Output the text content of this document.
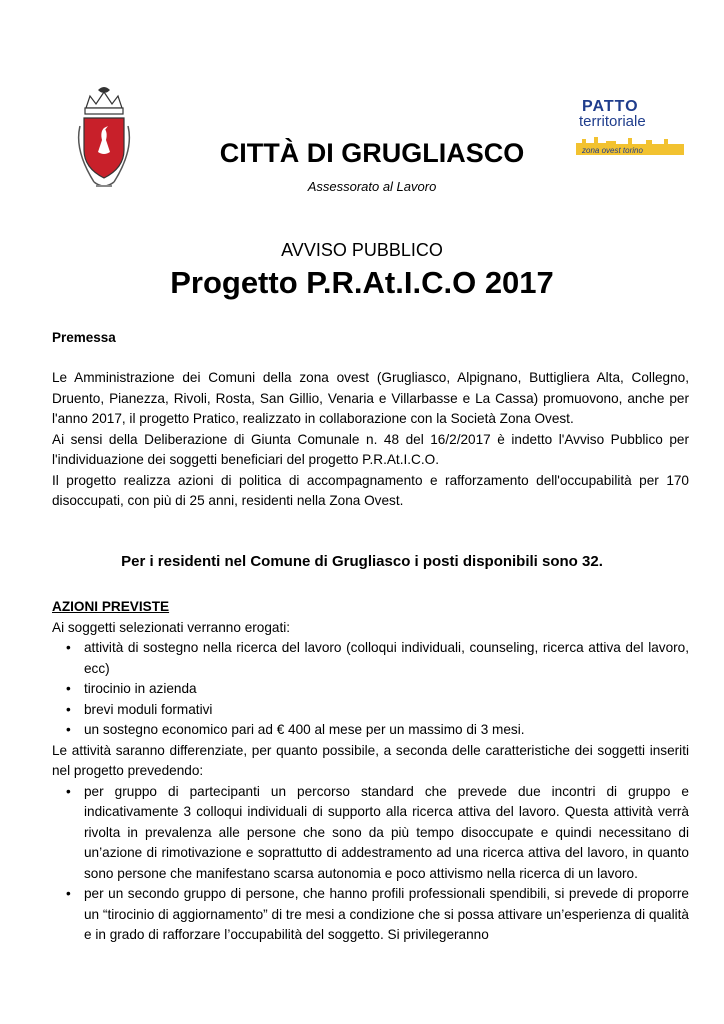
PATTO
territoriale
zona ovest torino
CITTÀ DI GRUGLIASCO
Assessorato al Lavoro
AVVISO PUBBLICO
Progetto P.R.At.I.C.O 2017
Premessa

Le Amministrazione dei Comuni della zona ovest (Grugliasco, Alpignano, Buttigliera Alta, Collegno, Druento, Pianezza, Rivoli, Rosta, San Gillio, Venaria e Villarbasse e La Cassa) promuovono, anche per l'anno 2017, il progetto Pratico, realizzato in collaborazione con la Società Zona Ovest.

Ai sensi della Deliberazione di Giunta Comunale n. 48 del 16/2/2017 è indetto l'Avviso Pubblico per l'individuazione dei soggetti beneficiari del progetto P.R.At.I.C.O.

Il progetto realizza azioni di politica di accompagnamento e rafforzamento dell'occupabilità per 170 disoccupati, con più di 25 anni, residenti nella Zona Ovest.

Per i residenti nel Comune di Grugliasco i posti disponibili sono 32.
AZIONI PREVISTE
Ai soggetti selezionati verranno erogati:
• attività di sostegno nella ricerca del lavoro (colloqui individuali, counseling, ricerca attiva del lavoro, ecc)
• tirocinio in azienda
• brevi moduli formativi
• un sostegno economico pari ad € 400 al mese per un massimo di 3 mesi.
Le attività saranno differenziate, per quanto possibile, a seconda delle caratteristiche dei soggetti inseriti nel progetto prevedendo:
• per gruppo di partecipanti un percorso standard che prevede due incontri di gruppo e indicativamente 3 colloqui individuali di supporto alla ricerca attiva del lavoro. Questa attività verrà rivolta in prevalenza alle persone che sono da più tempo disoccupate e quindi necessitano di un’azione di rimotivazione e soprattutto di addestramento ad una ricerca attiva del lavoro, in quanto sono persone che manifestano scarsa autonomia e poco attivismo nella ricerca di un lavoro.
• per un secondo gruppo di persone, che hanno profili professionali spendibili, si prevede di proporre un “tirocinio di aggiornamento” di tre mesi a condizione che si possa attivare un’esperienza di qualità e in grado di rafforzare l’occupabilità del soggetto. Si privilegeranno
